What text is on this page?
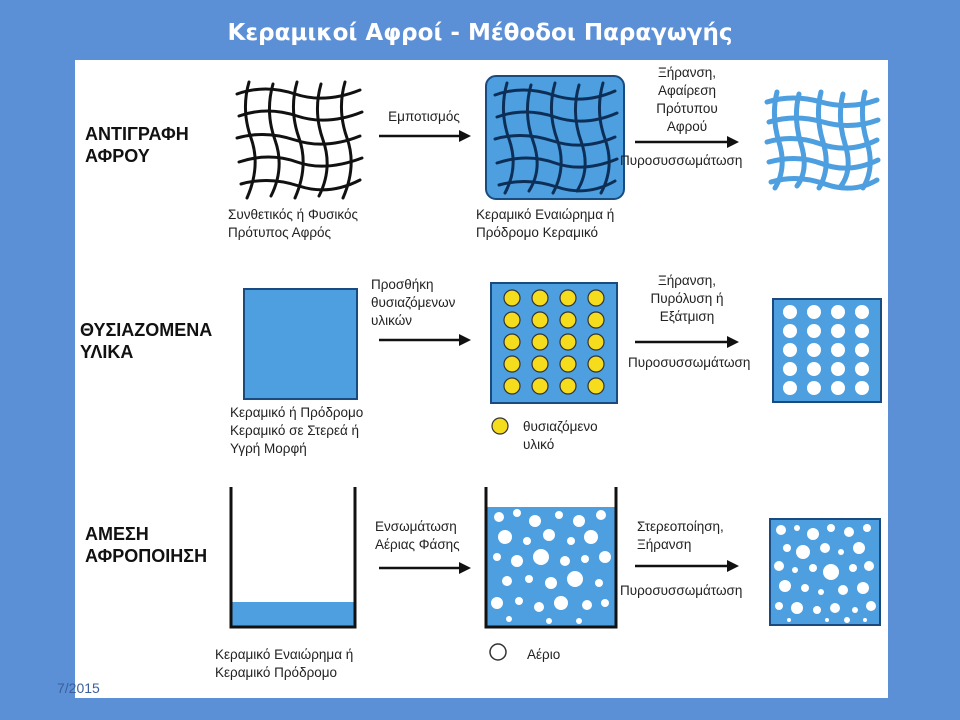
Κεραμικοί Αφροί - Μέθοδοι Παραγωγής
ΑΝΤΙΓΡΑΦΗ
ΑΦΡΟΥ
Συνθετικός ή Φυσικός
Πρότυπος Αφρός
Εμποτισμός
Κεραμικό Εναιώρημα ή
Πρόδρομο Κεραμικό
Ξήρανση,
Αφαίρεση
Πρότυπου
Αφρού
Πυροσυσσωμάτωση
ΘΥΣΙΑΖΟΜΕΝΑ
ΥΛΙΚΑ
Κεραμικό ή Πρόδρομο
Κεραμικό σε Στερεά ή
Υγρή Μορφή
Προσθήκη
θυσιαζόμενων
υλικών
θυσιαζόμενο
υλικό
Ξήρανση,
Πυρόλυση ή
Εξάτμιση
Πυροσυσσωμάτωση
ΑΜΕΣΗ
ΑΦΡΟΠΟΙΗΣΗ
Κεραμικό Εναιώρημα ή
Κεραμικό Πρόδρομο
Ενσωμάτωση
Αέριας Φάσης
Αέριο
Στερεοποίηση,
Ξήρανση
Πυροσυσσωμάτωση
7/2015
